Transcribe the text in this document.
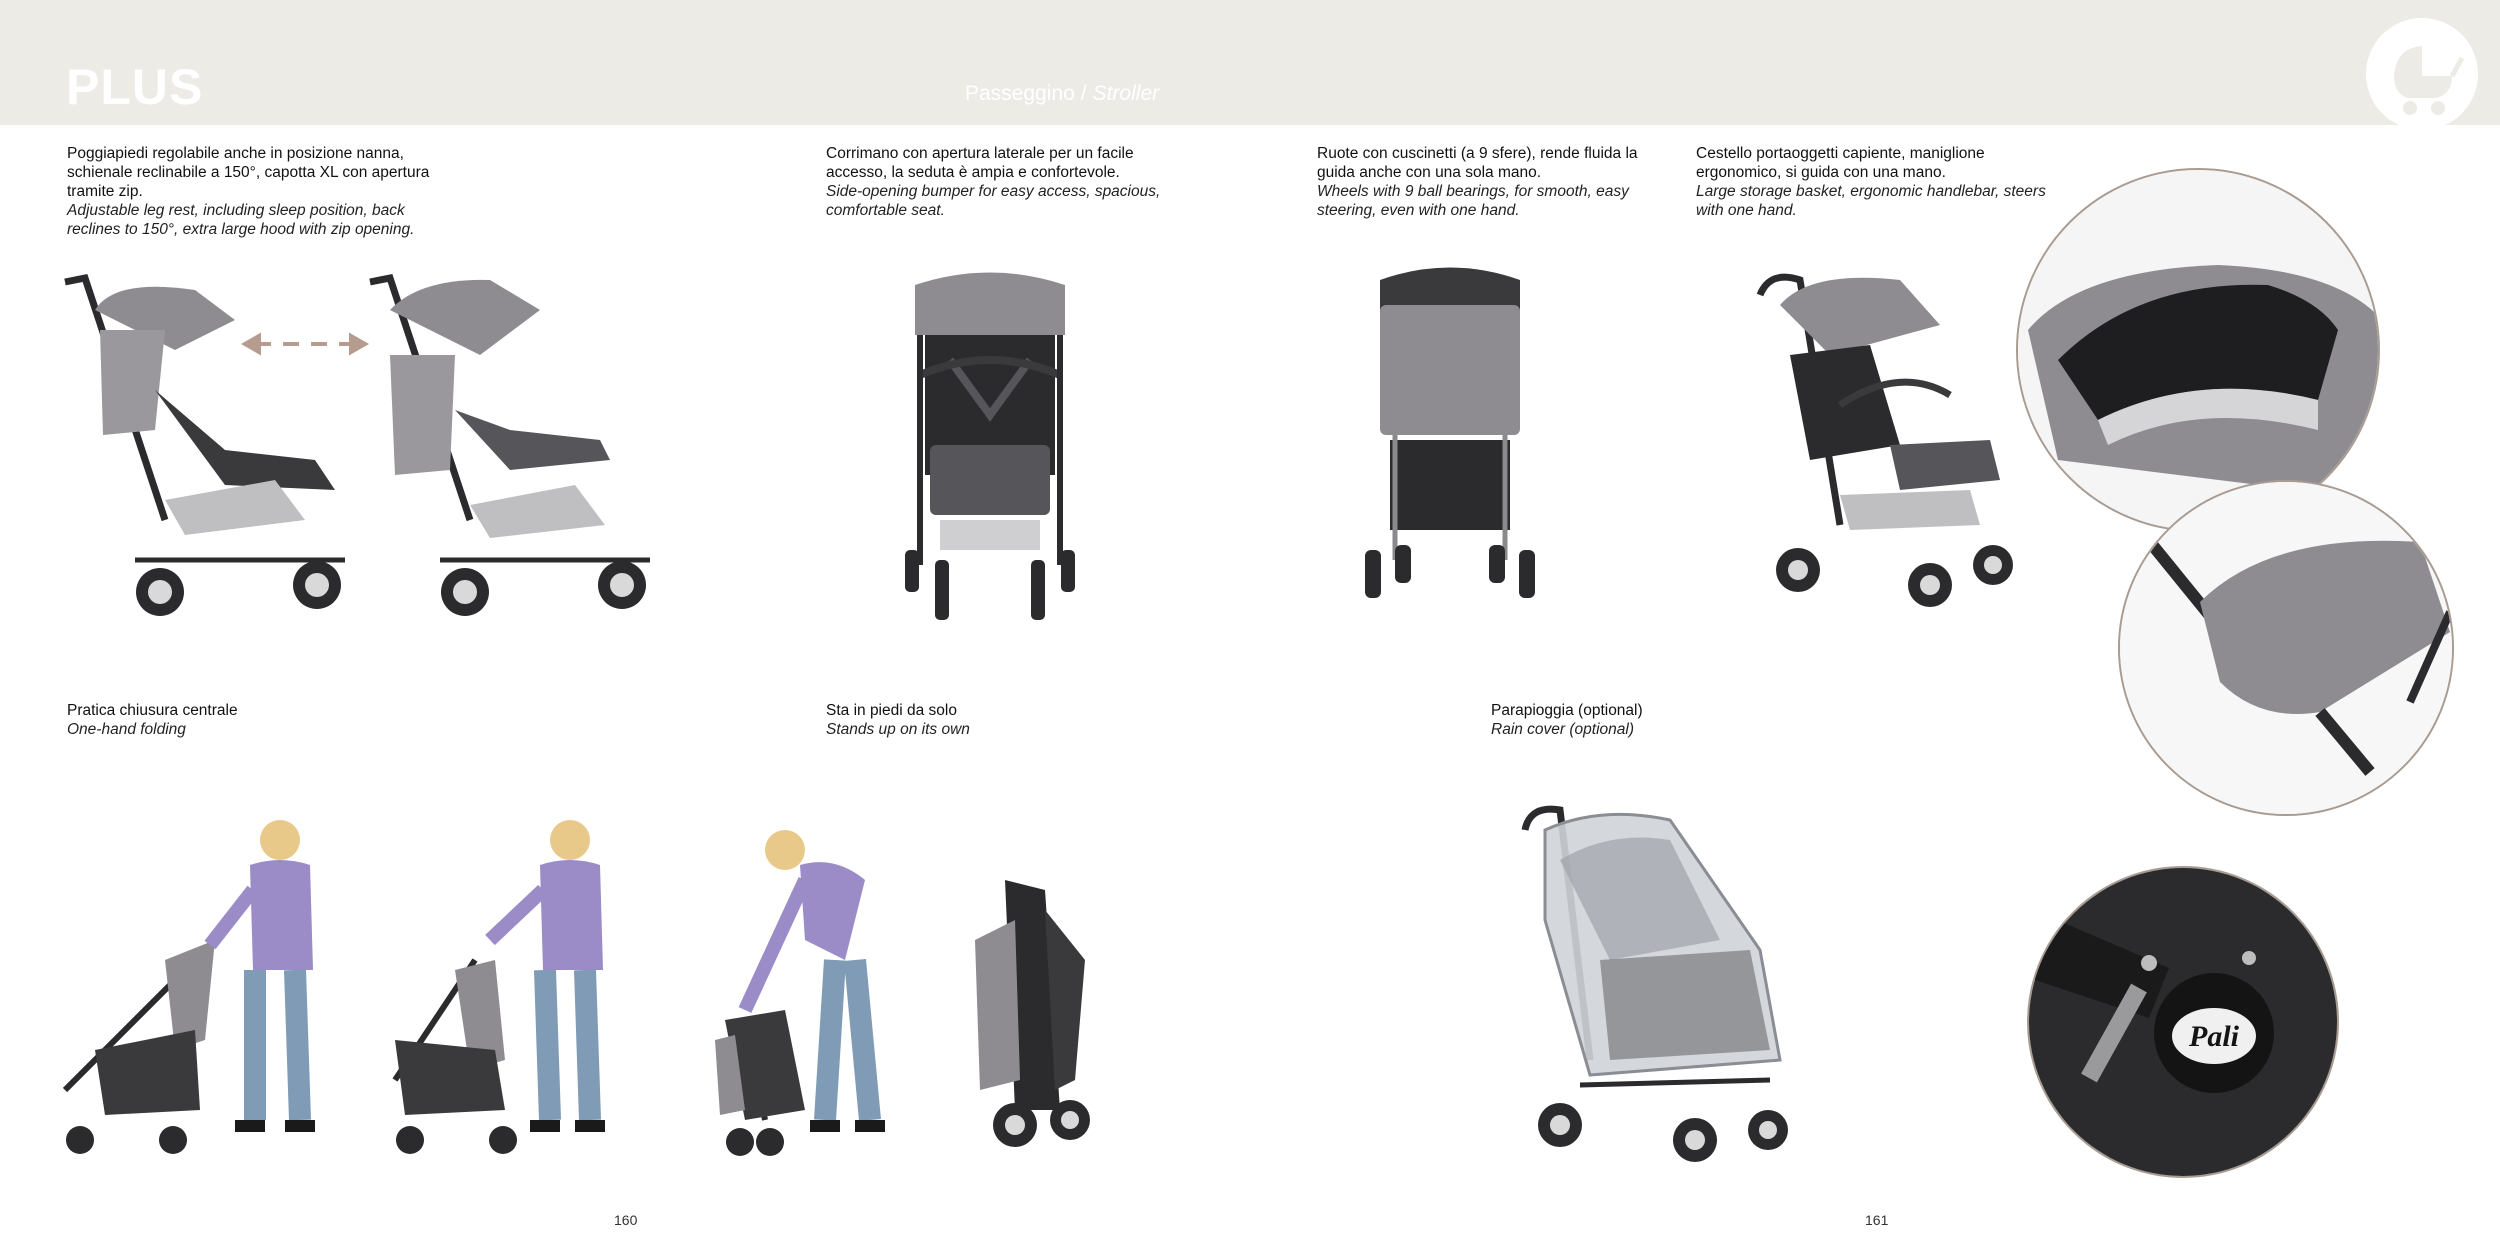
PLUS	Passeggino / Stroller
Poggiapiedi regolabile anche in posizione nanna, schienale reclinabile a 150°, capotta XL con apertura tramite zip.
Adjustable leg rest, including sleep position, back reclines to 150°, extra large hood with zip opening.
Corrimano con apertura laterale per un facile accesso, la seduta è ampia e confortevole.
Side-opening bumper for easy access, spacious, comfortable seat.
Ruote con cuscinetti (a 9 sfere), rende fluida la guida anche con una sola mano.
Wheels with 9 ball bearings, for smooth, easy steering, even with one hand.
Cestello portaoggetti capiente, maniglione ergonomico, si guida con una mano.
Large storage basket, ergonomic handlebar, steers with one hand.
Pratica chiusura centrale
One-hand folding
Sta in piedi da solo
Stands up on its own
Parapioggia (optional)
Rain cover (optional)
Pali
160	161
